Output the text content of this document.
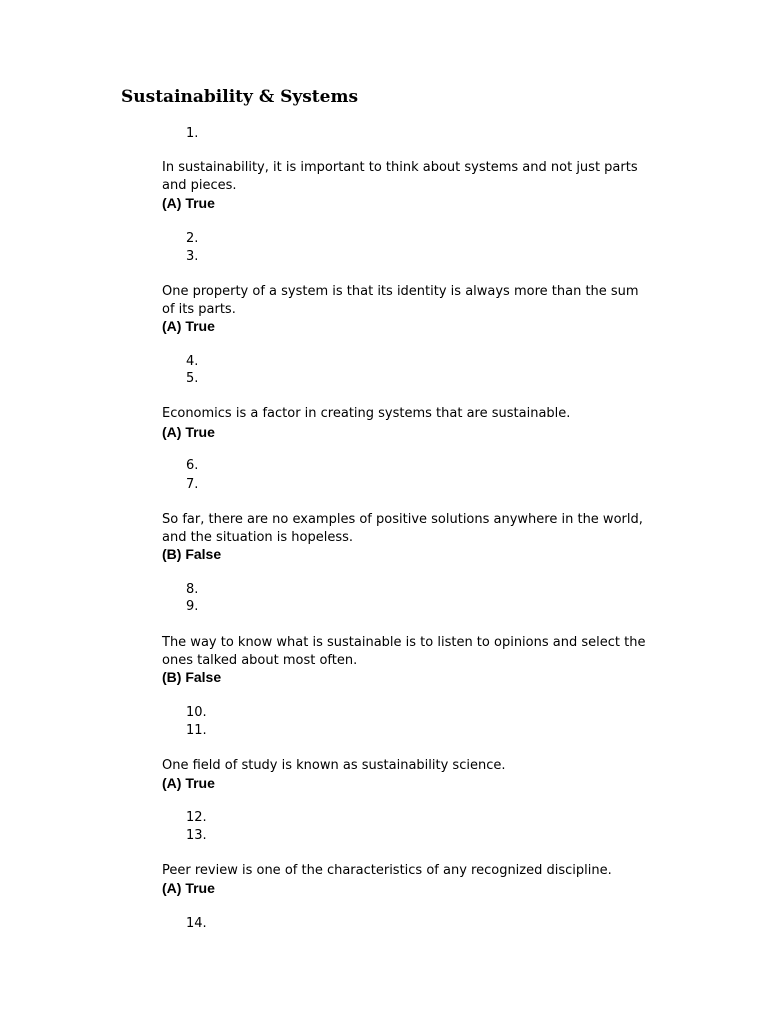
Sustainability & Systems
1.
In sustainability, it is important to think about systems and not just parts and pieces.
(A) True
2.
3.
One property of a system is that its identity is always more than the sum of its parts.
(A) True
4.
5.
Economics is a factor in creating systems that are sustainable.
(A) True
6.
7.
So far, there are no examples of positive solutions anywhere in the world, and the situation is hopeless.
(B) False
8.
9.
The way to know what is sustainable is to listen to opinions and select the ones talked about most often.
(B) False
10.
11.
One field of study is known as sustainability science.
(A) True
12.
13.
Peer review is one of the characteristics of any recognized discipline.
(A) True
14.
